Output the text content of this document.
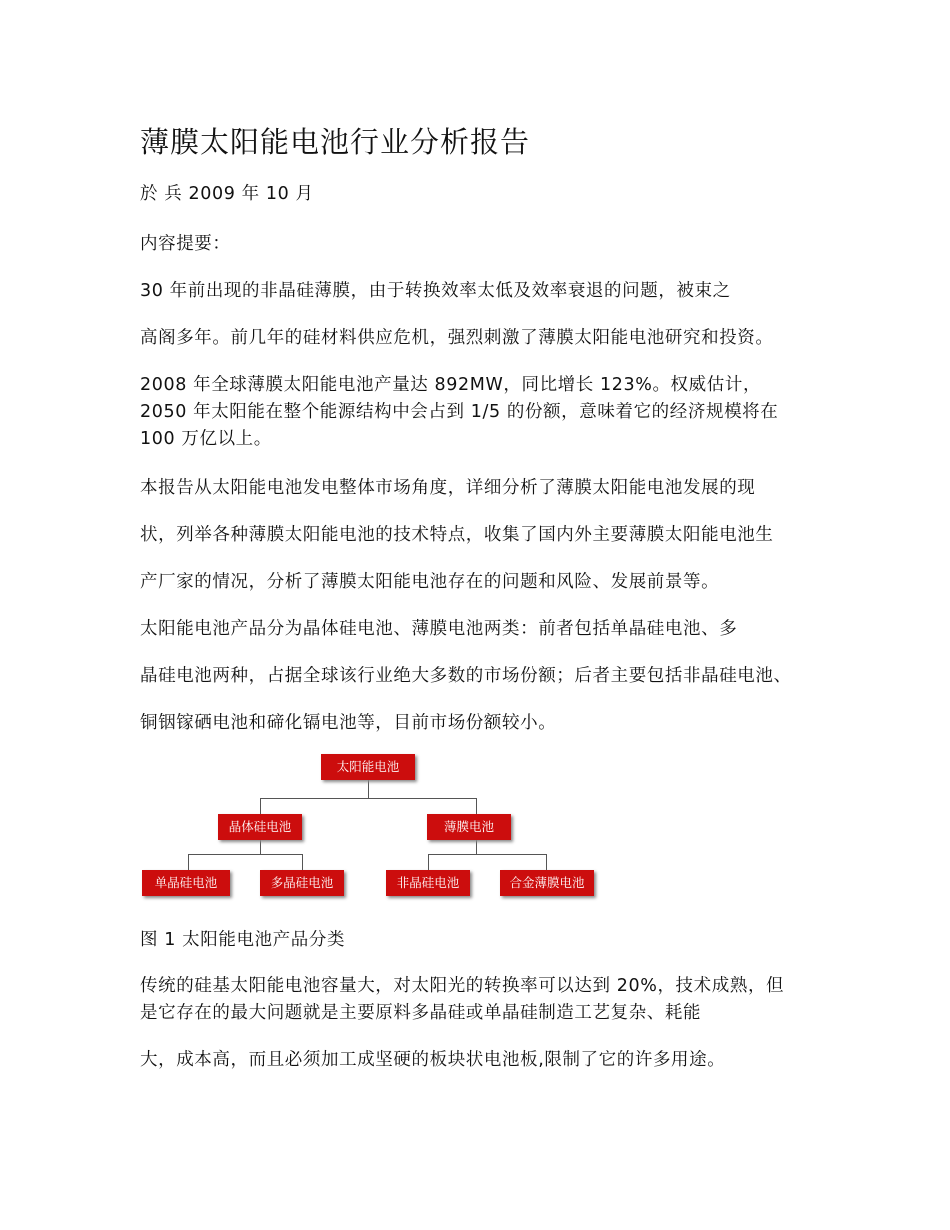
薄膜太阳能电池行业分析报告

於 兵 2009 年 10 月

内容提要：

30 年前出现的非晶硅薄膜，由于转换效率太低及效率衰退的问题，被束之

高阁多年。前几年的硅材料供应危机，强烈刺激了薄膜太阳能电池研究和投资。

2008 年全球薄膜太阳能电池产量达 892MW，同比增长 123%。权威估计，

2050 年太阳能在整个能源结构中会占到 1/5 的份额，意味着它的经济规模将在

100 万亿以上。

本报告从太阳能电池发电整体市场角度，详细分析了薄膜太阳能电池发展的现

状，列举各种薄膜太阳能电池的技术特点，收集了国内外主要薄膜太阳能电池生

产厂家的情况，分析了薄膜太阳能电池存在的问题和风险、发展前景等。

太阳能电池产品分为晶体硅电池、薄膜电池两类：前者包括单晶硅电池、多

晶硅电池两种，占据全球该行业绝大多数的市场份额；后者主要包括非晶硅电池、

铜铟镓硒电池和碲化镉电池等，目前市场份额较小。

太阳能电池
晶体硅电池	薄膜电池
单晶硅电池	多晶硅电池	非晶硅电池	合金薄膜电池

图 1 太阳能电池产品分类

传统的硅基太阳能电池容量大，对太阳光的转换率可以达到 20%，技术成熟，但

是它存在的最大问题就是主要原料多晶硅或单晶硅制造工艺复杂、耗能

大，成本高，而且必须加工成坚硬的板块状电池板,限制了它的许多用途。
